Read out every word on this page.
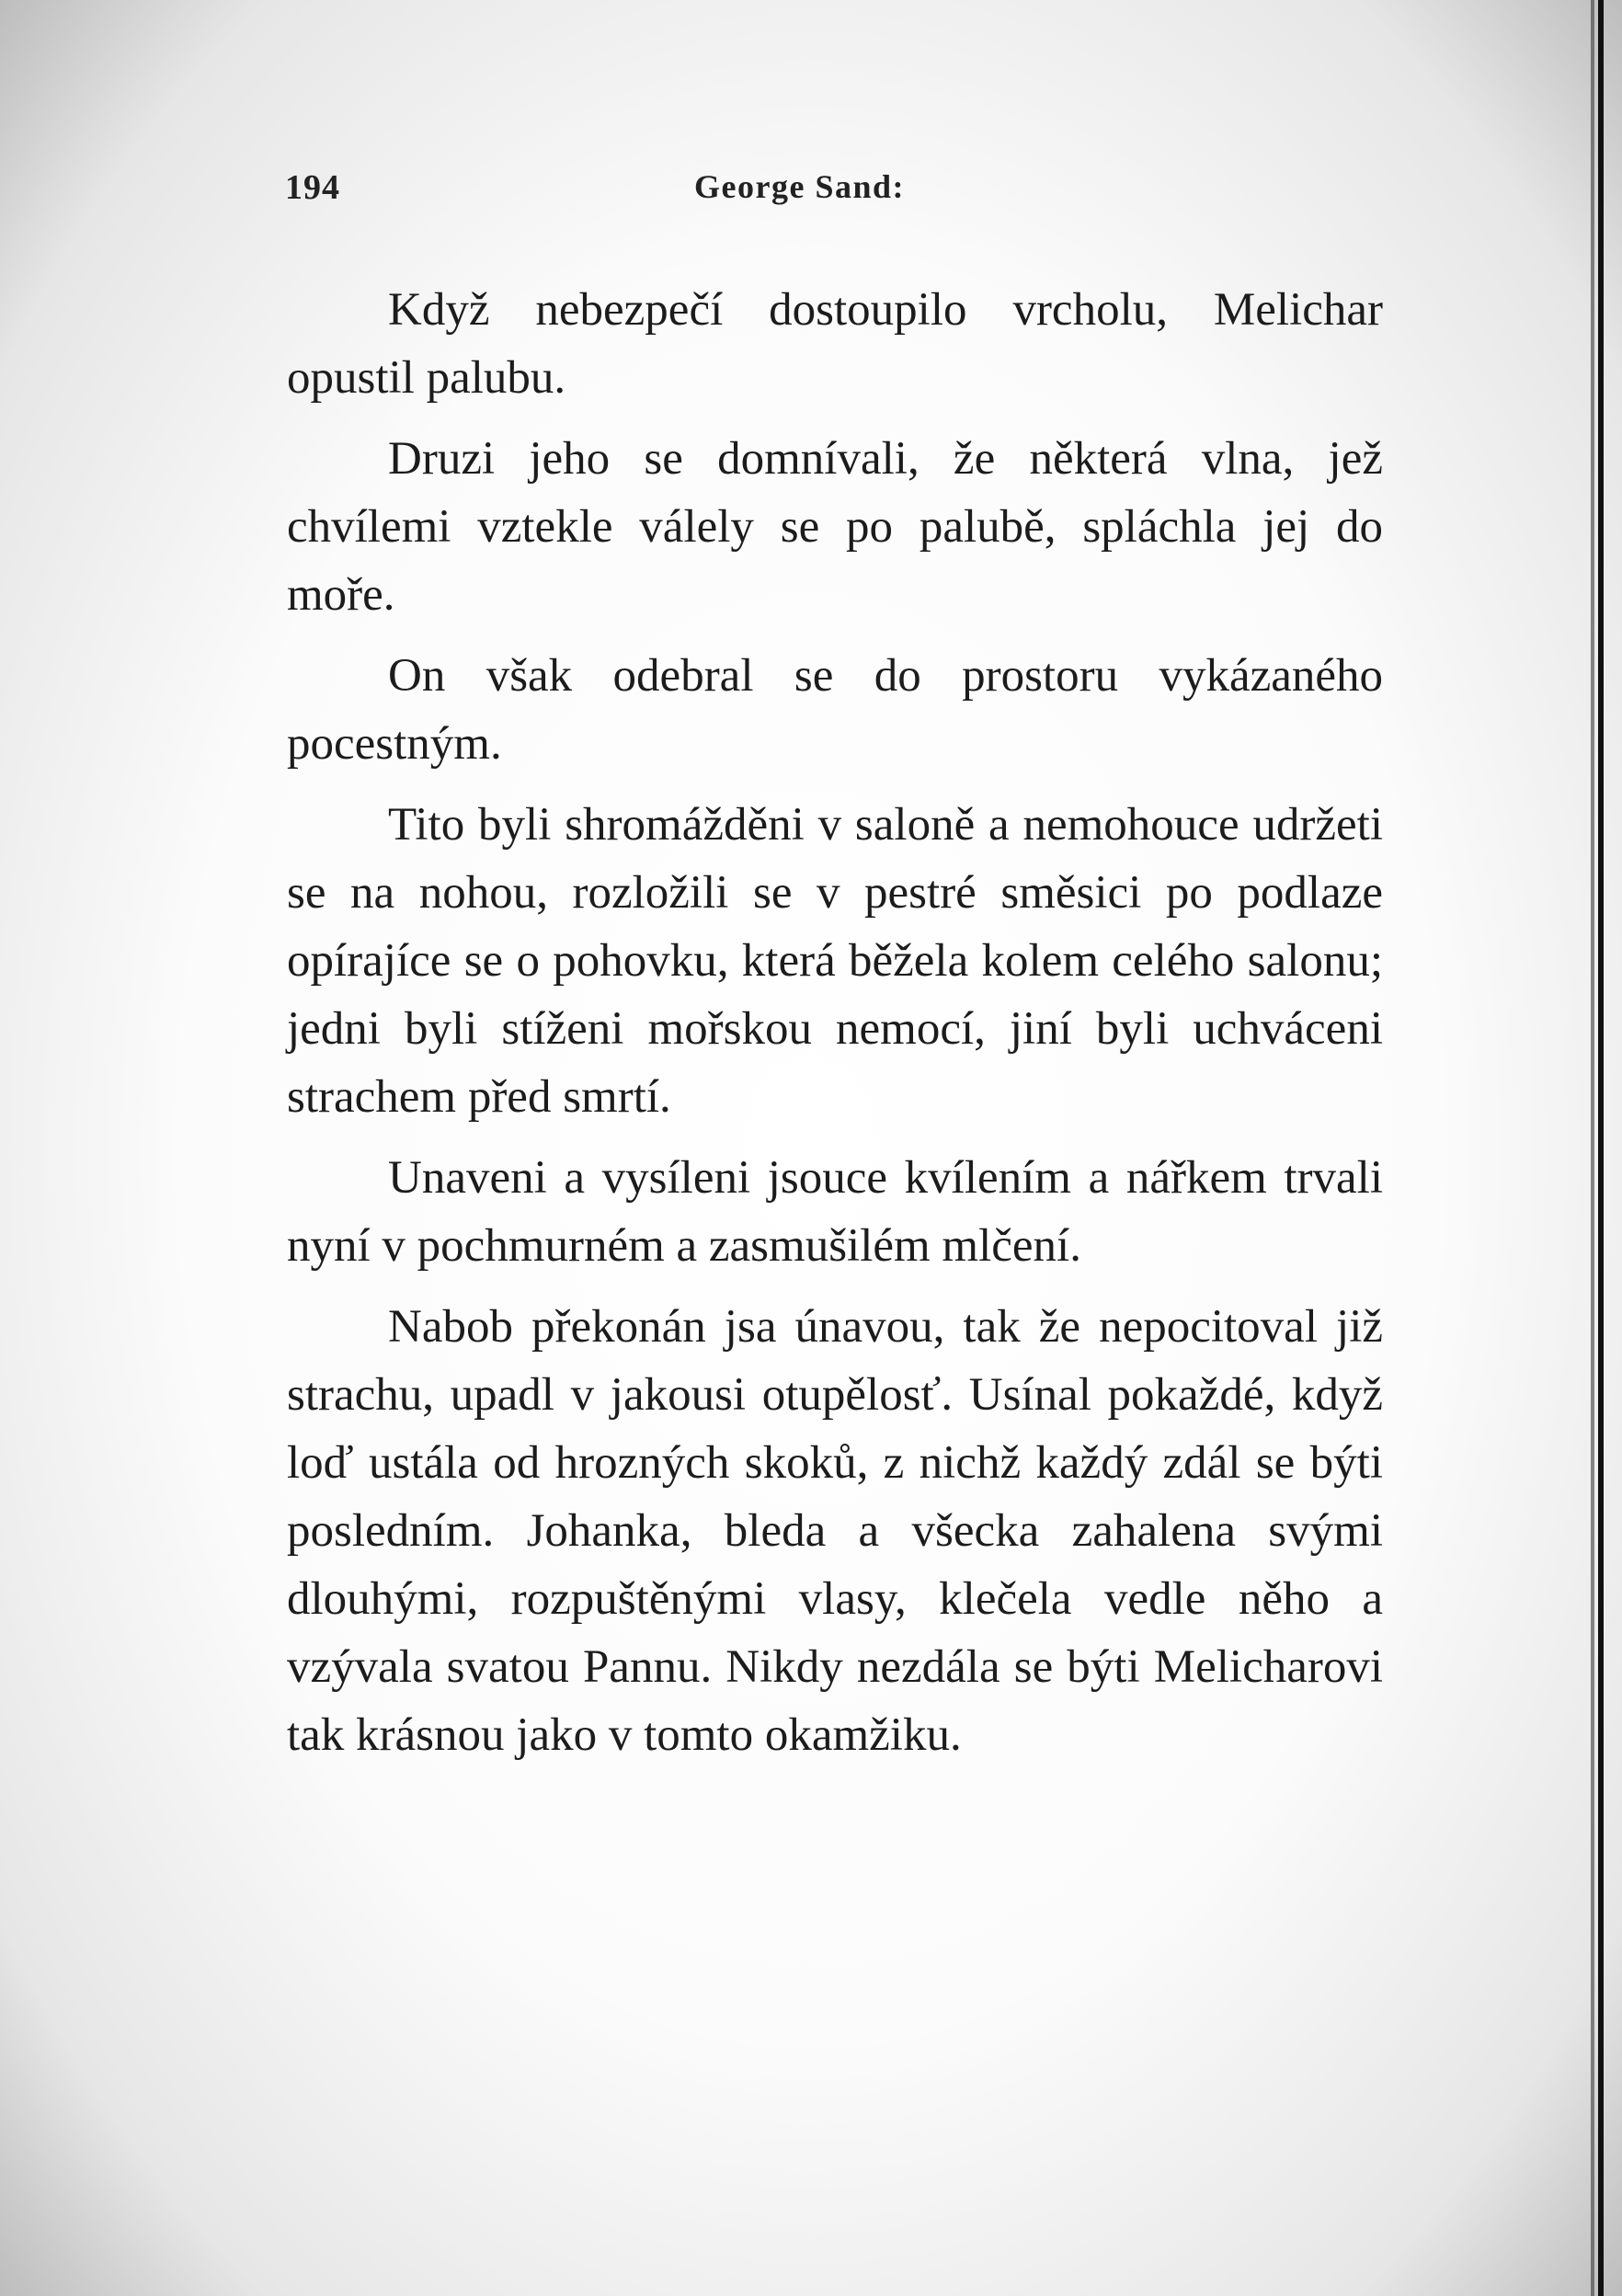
194	George Sand:

Když nebezpečí dostoupilo vrcholu, Melichar opustil palubu.

Druzi jeho se domnívali, že některá vlna, jež chvílemi vztekle válely se po palubě, spláchla jej do moře.

On však odebral se do prostoru vykázaného pocestným.

Tito byli shromážděni v saloně a nemohouce udržeti se na nohou, rozložili se v pestré směsici po podlaze opírajíce se o pohovku, která běžela kolem celého salonu; jedni byli stíženi mořskou nemocí, jiní byli uchváceni strachem před smrtí.

Unaveni a vysíleni jsouce kvílením a nářkem trvali nyní v pochmurném a zasmušilém mlčení.

Nabob překonán jsa únavou, tak že nepocitoval již strachu, upadl v jakousi otupělosť. Usínal pokaždé, když loď ustála od hrozných skoků, z nichž každý zdál se býti posledním. Johanka, bleda a všecka zahalena svými dlouhými, rozpuštěnými vlasy, klečela vedle něho a vzývala svatou Pannu. Nikdy nezdála se býti Melicharovi tak krásnou jako v tomto okamžiku.
